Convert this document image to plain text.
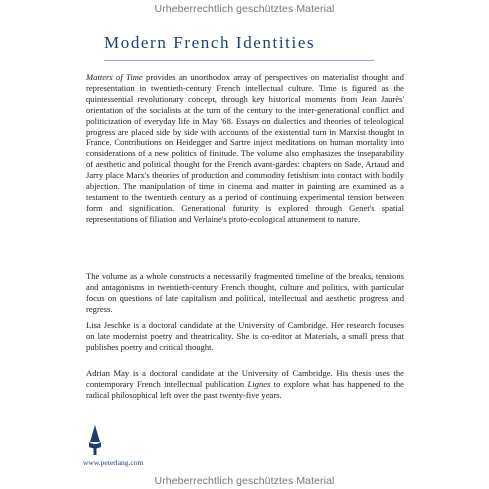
Urheberrechtlich geschütztes Material
Modern French Identities
Matters of Time provides an unorthodox array of perspectives on materialist thought and representation in twentieth-century French intellectual culture. Time is figured as the quintessential revolutionary concept, through key historical moments from Jean Jaurès' orientation of the socialists at the turn of the century to the inter-generational conflict and politicization of everyday life in May '68. Essays on dialectics and theories of teleological progress are placed side by side with accounts of the existential turn in Marxist thought in France. Contributions on Heidegger and Sartre inject meditations on human mortality into considerations of a new politics of finitude. The volume also emphasizes the inseparability of aesthetic and political thought for the French avant-gardes: chapters on Sade, Artaud and Jarry place Marx's theories of production and commodity fetishism into contact with bodily abjection. The manipulation of time in cinema and matter in painting are examined as a testament to the twentieth century as a period of continuing experimental tension between form and signification. Generational futurity is explored through Genet's spatial representations of filiation and Verlaine's proto-ecological attunement to nature.
The volume as a whole constructs a necessarily fragmented timeline of the breaks, tensions and antagonisms in twentieth-century French thought, culture and politics, with particular focus on questions of late capitalism and political, intellectual and aesthetic progress and regress.
Lisa Jeschke is a doctoral candidate at the University of Cambridge. Her research focuses on late modernist poetry and theatricality. She is co-editor at Materials, a small press that publishes poetry and critical thought.
Adrian May is a doctoral candidate at the University of Cambridge. His thesis uses the contemporary French intellectual publication Lignes to explore what has happened to the radical philosophical left over the past twenty-five years.
www.peterlang.com
Urheberrechtlich geschütztes Material
